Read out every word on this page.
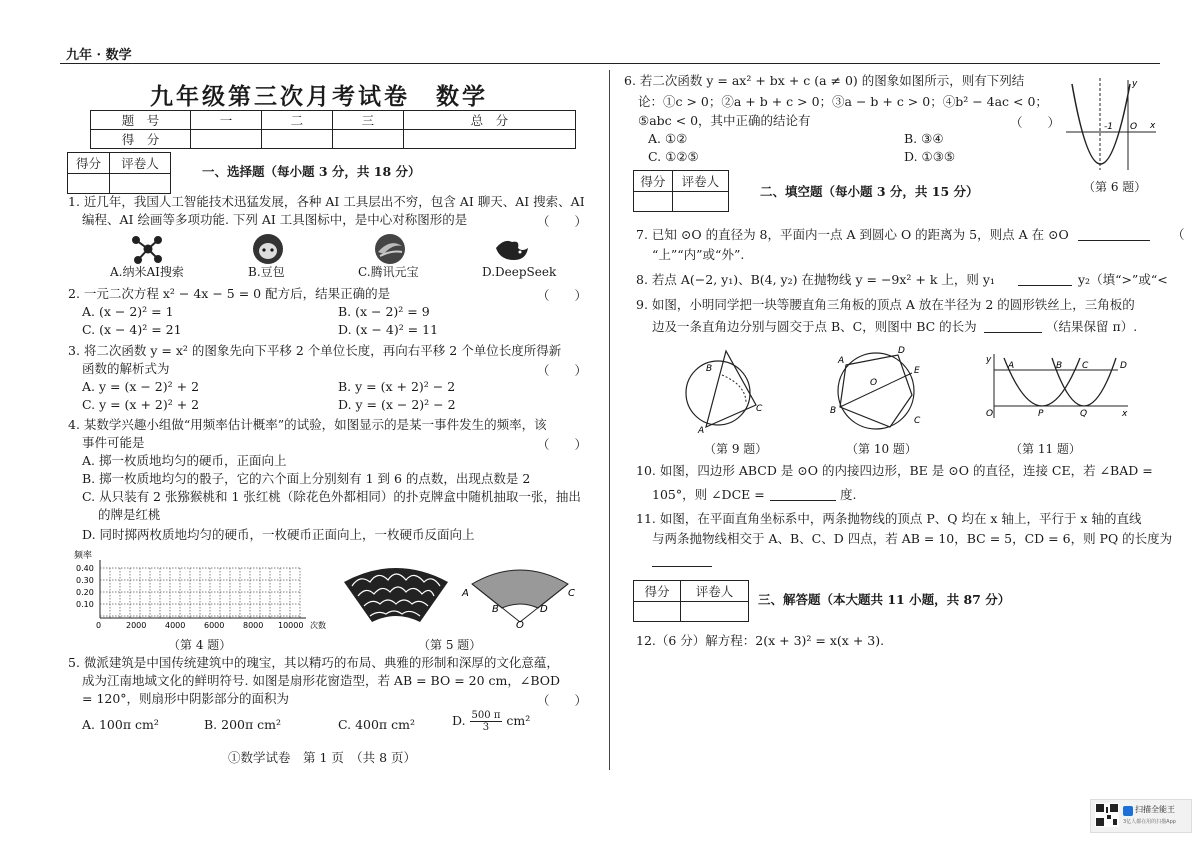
九年 · 数学
九年级第三次月考试卷　数学
题　号	一	二	三	总　分
得　分				
得分	评卷人

一、选择题（每小题 3 分，共 18 分）
1. 近几年，我国人工智能技术迅猛发展，各种 AI 工具层出不穷，包含 AI 聊天、AI 搜索、AI
编程、AI 绘画等多项功能. 下列 AI 工具图标中，是中心对称图形的是	（　　）
A.纳米AI搜索	B.豆包	C.腾讯元宝	D.DeepSeek
2. 一元二次方程 x² − 4x − 5 = 0 配方后，结果正确的是	（　　）
A. (x − 2)² = 1	B. (x − 2)² = 9
C. (x − 4)² = 21	D. (x − 4)² = 11
3. 将二次函数 y = x² 的图象先向下平移 2 个单位长度，再向右平移 2 个单位长度所得新
函数的解析式为	（　　）
A. y = (x − 2)² + 2	B. y = (x + 2)² − 2
C. y = (x + 2)² + 2	D. y = (x − 2)² − 2
4. 某数学兴趣小组做“用频率估计概率”的试验，如图显示的是某一事件发生的频率，该
事件可能是	（　　）
A. 掷一枚质地均匀的硬币，正面向上
B. 掷一枚质地均匀的骰子，它的六个面上分别刻有 1 到 6 的点数，出现点数是 2
C. 从只装有 2 张猕猴桃和 1 张红桃（除花色外都相同）的扑克牌盒中随机抽取一张，抽出
的牌是红桃
D. 同时掷两枚质地均匀的硬币，一枚硬币正面向上，一枚硬币反面向上
频率
0.40
0.30
0.20
0.10
0	2000 4000 6000 8000 10000 次数
（第 4 题）
A
B
C
D
O
（第 5 题）
5. 微派建筑是中国传统建筑中的瑰宝，其以精巧的布局、典雅的形制和深厚的文化意蕴，
成为江南地域文化的鲜明符号. 如图是扇形花窗造型，若 AB = BO = 20 cm，∠BOD
= 120°，则扇形中阴影部分的面积为	（　　）
A. 100π cm²	B. 200π cm²	C. 400π cm²	D. $\frac{500 \pi}{3} cm^2$
①数学试卷　第 1 页　（共 8 页）
6. 若二次函数 y = ax² + bx + c (a ≠ 0) 的图象如图所示，则有下列结
论：①c > 0；②a + b + c > 0；③a − b + c > 0；④b² − 4ac < 0；
⑤abc < 0，其中正确的结论有	（　　）
A. ①②	B. ③④
C. ①②⑤	D. ①③⑤
y
x
-1 O
（第 6 题）
得分	评卷人

二、填空题（每小题 3 分，共 15 分）
7. 已知 ⊙O 的直径为 8，平面内一点 A 到圆心 O 的距离为 5，则点 A 在 ⊙O	（
“上”“内”或“外”.
8. 若点 A(−2, y₁)、B(4, y₂) 在抛物线 y = −9x² + k 上，则 y₁	y₂（填“>”或“<
9. 如图，小明同学把一块等腰直角三角板的顶点 A 放在半径为 2 的圆形铁丝上，三角板的
边及一条直角边分别与圆交于点 B、C，则图中 BC 的长为	（结果保留 π）.
B
C
A
（第 9 题）
A
D
E
O
B
C
（第 10 题）
y
A	B C	D
O	P	Q	x
（第 11 题）
10. 如图，四边形 ABCD 是 ⊙O 的内接四边形，BE 是 ⊙O 的直径，连接 CE，若 ∠BAD =
105°，则 ∠DCE =	度.
11. 如图，在平面直角坐标系中，两条抛物线的顶点 P、Q 均在 x 轴上，平行于 x 轴的直线
与两条抛物线相交于 A、B、C、D 四点，若 AB = 10，BC = 5，CD = 6，则 PQ 的长度为
得分	评卷人

三、解答题（本大题共 11 小题，共 87 分）
12.（6 分）解方程：2(x + 3)² = x(x + 3).
扫描全能王
3亿人都在用的扫描App
